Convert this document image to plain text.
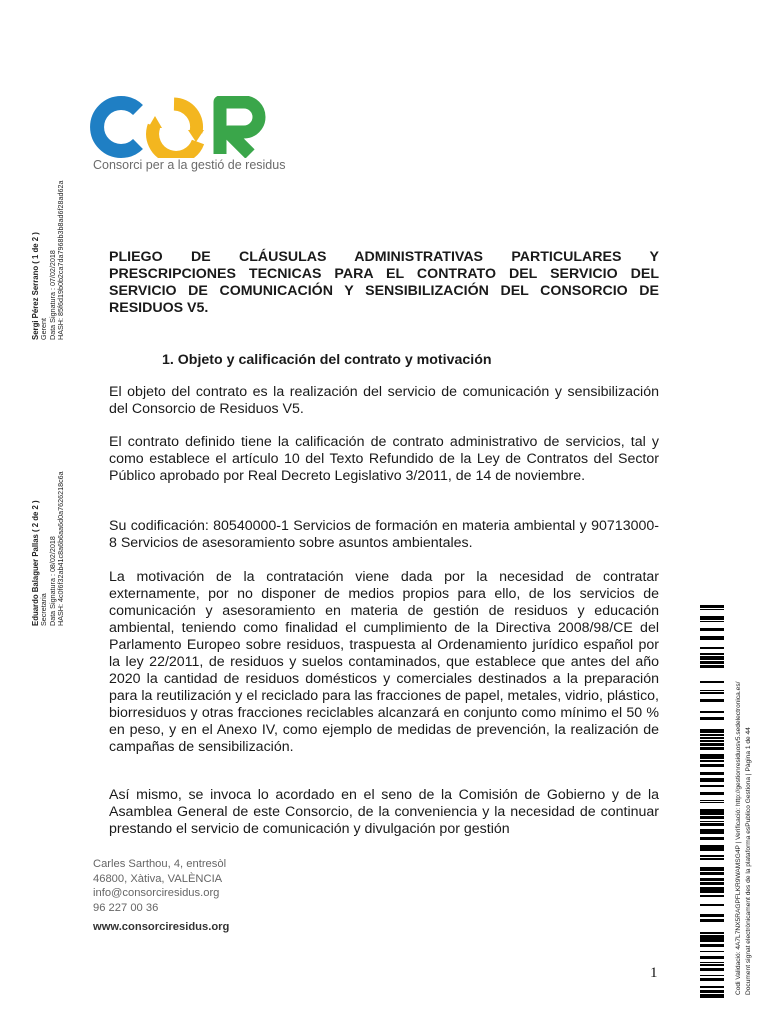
Consorci per a la gestió de residus
Sergi Pérez Serrano ( 1 de 2 ) Gerent Data Signatura : 07/02/2018 HASH: 85f6d19b0b2ca7da7968b3b8ad6f28ad62a
Eduardo Balaguer Pallas ( 2 de 2 ) Secretaria Data Signatura : 08/02/2018 HASH: 4c0f6f32ab41c8a6b6aa6d0a7626218c6a
Codi Validació: 4A7L7NX5RAGPFLKR9WAMSG4P | Verificació: http://gestionresiduosv5.sedelectronica.es/ Document signat electrònicament des de la plataforma esPublico Gestiona | Pàgina 1 de 44
PLIEGO DE CLÁUSULAS ADMINISTRATIVAS PARTICULARES Y PRESCRIPCIONES TECNICAS PARA EL CONTRATO DEL SERVICIO DEL SERVICIO DE COMUNICACIÓN Y SENSIBILIZACIÓN DEL CONSORCIO DE RESIDUOS V5.
1. Objeto y calificación del contrato y motivación

El objeto del contrato es la realización del servicio de comunicación y sensibilización del Consorcio de Residuos V5.

El contrato definido tiene la calificación de contrato administrativo de servicios, tal y como establece el artículo 10 del Texto Refundido de la Ley de Contratos del Sector Público aprobado por Real Decreto Legislativo 3/2011, de 14 de noviembre.

Su codificación: 80540000-1 Servicios de formación en materia ambiental y 90713000-8 Servicios de asesoramiento sobre asuntos ambientales.

La motivación de la contratación viene dada por la necesidad de contratar externamente, por no disponer de medios propios para ello, de los servicios de comunicación y asesoramiento en materia de gestión de residuos y educación ambiental, teniendo como finalidad el cumplimiento de la Directiva 2008/98/CE del Parlamento Europeo sobre residuos, traspuesta al Ordenamiento jurídico español por la ley 22/2011, de residuos y suelos contaminados, que establece que antes del año 2020 la cantidad de residuos domésticos y comerciales destinados a la preparación para la reutilización y el reciclado para las fracciones de papel, metales, vidrio, plástico, biorresiduos y otras fracciones reciclables alcanzará en conjunto como mínimo el 50 % en peso, y en el Anexo IV, como ejemplo de medidas de prevención, la realización de campañas de sensibilización.

Así mismo, se invoca lo acordado en el seno de la Comisión de Gobierno y de la Asamblea General de este Consorcio, de la conveniencia y la necesidad de continuar prestando el servicio de comunicación y divulgación por gestión

Carles Sarthou, 4, entresòl
46800, Xàtiva, VALÈNCIA
info@consorciresidus.org
96 227 00 36
www.consorciresidus.org
1
